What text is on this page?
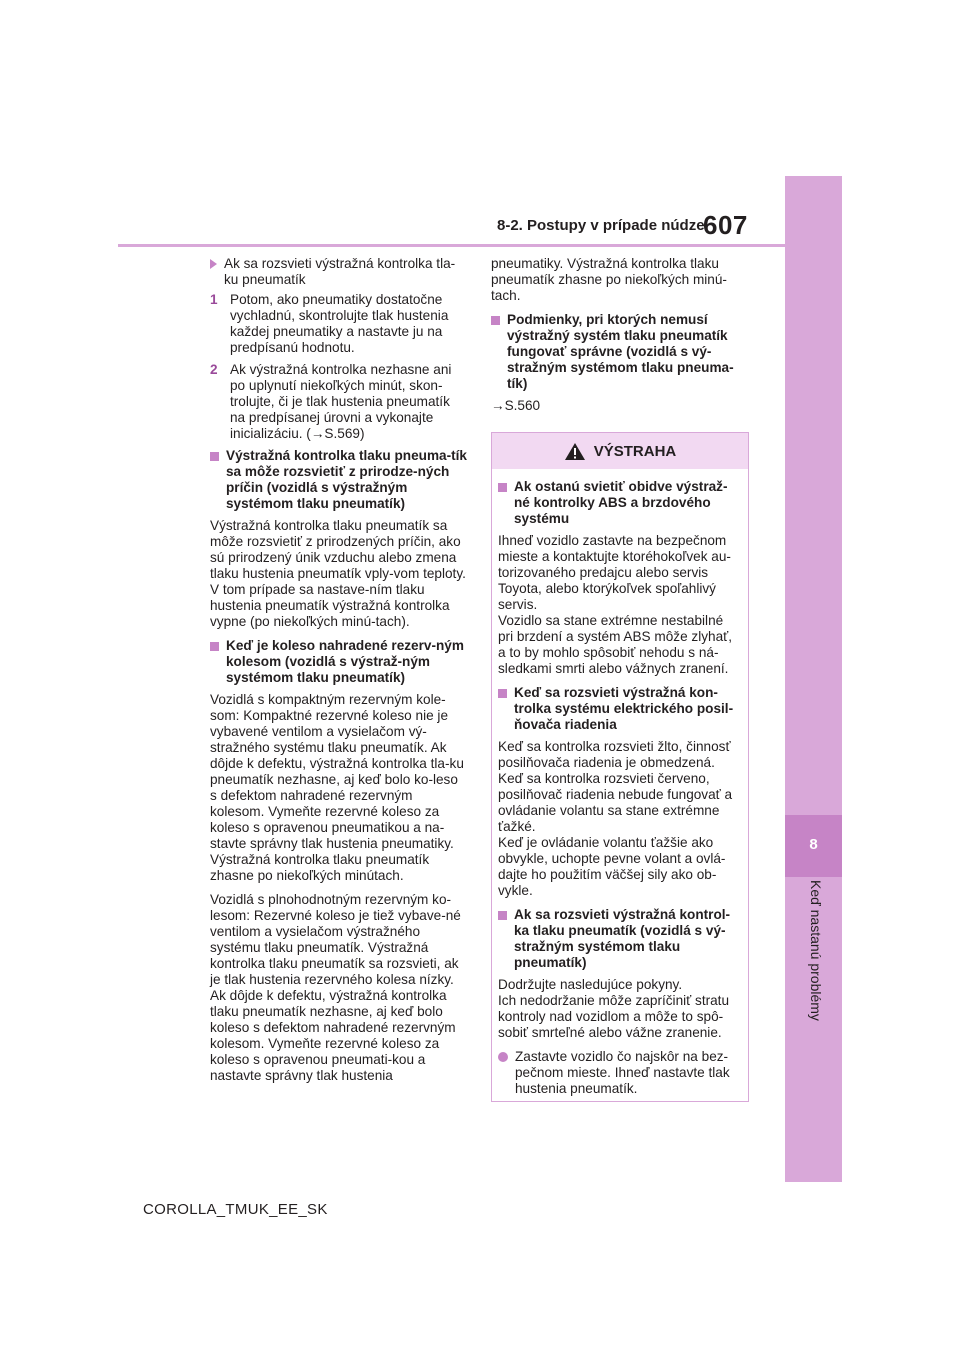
8-2. Postupy v prípade núdze
607
8
Keď nastanú problémy
Ak sa rozsvieti výstražná kontrolka tla-ku pneumatík
1 Potom, ako pneumatiky dostatočne vychladnú, skontrolujte tlak hustenia každej pneumatiky a nastavte ju na predpísanú hodnotu.
2 Ak výstražná kontrolka nezhasne ani po uplynutí niekoľkých minút, skon-trolujte, či je tlak hustenia pneumatík na predpísanej úrovni a vykonajte inicializáciu. (→S.569)
Výstražná kontrolka tlaku pneuma-tík sa môže rozsvietiť z prirodze-ných príčin (vozidlá s výstražným systémom tlaku pneumatík)

Výstražná kontrolka tlaku pneumatík sa môže rozsvietiť z prirodzených príčin, ako sú prirodzený únik vzduchu alebo zmena tlaku hustenia pneumatík vply-vom teploty. V tom prípade sa nastave-ním tlaku hustenia pneumatík výstražná kontrolka vypne (po niekoľkých minú-tach).

Keď je koleso nahradené rezerv-ným kolesom (vozidlá s výstraž-ným systémom tlaku pneumatík)

Vozidlá s kompaktným rezervným kole-som: Kompaktné rezervné koleso nie je vybavené ventilom a vysielačom vý-stražného systému tlaku pneumatík. Ak dôjde k defektu, výstražná kontrolka tla-ku pneumatík nezhasne, aj keď bolo ko-leso s defektom nahradené rezervným kolesom. Vymeňte rezervné koleso za koleso s opravenou pneumatikou a na-stavte správny tlak hustenia pneumatiky. Výstražná kontrolka tlaku pneumatík zhasne po niekoľkých minútach.

Vozidlá s plnohodnotným rezervným ko-lesom: Rezervné koleso je tiež vybave-né ventilom a vysielačom výstražného systému tlaku pneumatík. Výstražná kontrolka tlaku pneumatík sa rozsvieti, ak je tlak hustenia rezervného kolesa nízky. Ak dôjde k defektu, výstražná kontrolka tlaku pneumatík nezhasne, aj keď bolo koleso s defektom nahradené rezervným kolesom. Vymeňte rezervné koleso za koleso s opravenou pneumati-kou a nastavte správny tlak hustenia

pneumatiky. Výstražná kontrolka tlaku pneumatík zhasne po niekoľkých minú-tach.

Podmienky, pri ktorých nemusí výstražný systém tlaku pneumatík fungovať správne (vozidlá s vý-stražným systémom tlaku pneuma-tík)

→S.560

VÝSTRAHA
Ak ostanú svietiť obidve výstraž-né kontrolky ABS a brzdového systému

Ihneď vozidlo zastavte na bezpečnom mieste a kontaktujte ktoréhokoľvek au-torizovaného predajcu alebo servis Toyota, alebo ktorýkoľvek spoľahlivý servis.
Vozidlo sa stane extrémne nestabilné pri brzdení a systém ABS môže zlyhať, a to by mohlo spôsobiť nehodu s ná-sledkami smrti alebo vážnych zranení.

Keď sa rozsvieti výstražná kon-trolka systému elektrického posil-ňovača riadenia

Keď sa kontrolka rozsvieti žlto, činnosť posilňovača riadenia je obmedzená. Keď sa kontrolka rozsvieti červeno, posilňovač riadenia nebude fungovať a ovládanie volantu sa stane extrémne ťažké.
Keď je ovládanie volantu ťažšie ako obvykle, uchopte pevne volant a ovlá-dajte ho použitím väčšej sily ako ob-vykle.

Ak sa rozsvieti výstražná kontrol-ka tlaku pneumatík (vozidlá s vý-stražným systémom tlaku pneumatík)

Dodržujte nasledujúce pokyny.
Ich nedodržanie môže zapríčiniť stratu kontroly nad vozidlom a môže to spô-sobiť smrteľné alebo vážne zranenie.

Zastavte vozidlo čo najskôr na bez-pečnom mieste. Ihneď nastavte tlak hustenia pneumatík.
COROLLA_TMUK_EE_SK
